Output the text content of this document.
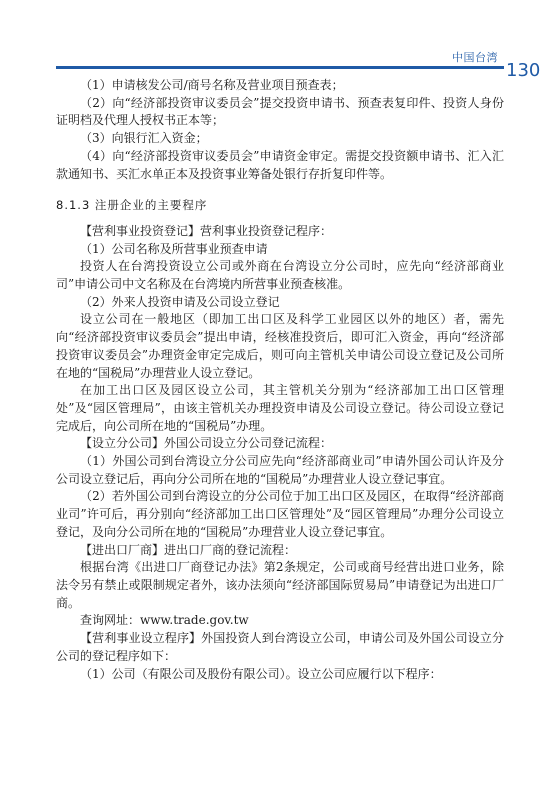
中国台湾
130

（1）申请核发公司/商号名称及营业项目预查表；

（2）向“经济部投资审议委员会”提交投资申请书、预查表复印件、投资人身份证明档及代理人授权书正本等；

（3）向银行汇入资金；

（4）向“经济部投资审议委员会”申请资金审定。需提交投资额申请书、汇入汇款通知书、买汇水单正本及投资事业筹备处银行存折复印件等。

8.1.3 注册企业的主要程序

【营利事业投资登记】营利事业投资登记程序：

（1）公司名称及所营事业预查申请

投资人在台湾投资设立公司或外商在台湾设立分公司时，应先向“经济部商业司”申请公司中文名称及在台湾境内所营事业预查核准。

（2）外来人投资申请及公司设立登记

设立公司在一般地区（即加工出口区及科学工业园区以外的地区）者，需先向“经济部投资审议委员会”提出申请，经核准投资后，即可汇入资金，再向“经济部投资审议委员会”办理资金审定完成后，则可向主管机关申请公司设立登记及公司所在地的“国税局”办理营业人设立登记。

在加工出口区及园区设立公司，其主管机关分别为“经济部加工出口区管理处”及“园区管理局”，由该主管机关办理投资申请及公司设立登记。待公司设立登记完成后，向公司所在地的“国税局”办理。

【设立分公司】外国公司设立分公司登记流程：

（1）外国公司到台湾设立分公司应先向“经济部商业司”申请外国公司认许及分公司设立登记后，再向分公司所在地的“国税局”办理营业人设立登记事宜。

（2）若外国公司到台湾设立的分公司位于加工出口区及园区，在取得“经济部商业司”许可后，再分别向“经济部加工出口区管理处”及“园区管理局”办理分公司设立登记，及向分公司所在地的“国税局”办理营业人设立登记事宜。

【进出口厂商】进出口厂商的登记流程：

根据台湾《出进口厂商登记办法》第2条规定，公司或商号经营出进口业务，除法令另有禁止或限制规定者外，该办法须向“经济部国际贸易局”申请登记为出进口厂商。

查询网址：www.trade.gov.tw

【营利事业设立程序】外国投资人到台湾设立公司，申请公司及外国公司设立分公司的登记程序如下：

（1）公司（有限公司及股份有限公司）。设立公司应履行以下程序：
